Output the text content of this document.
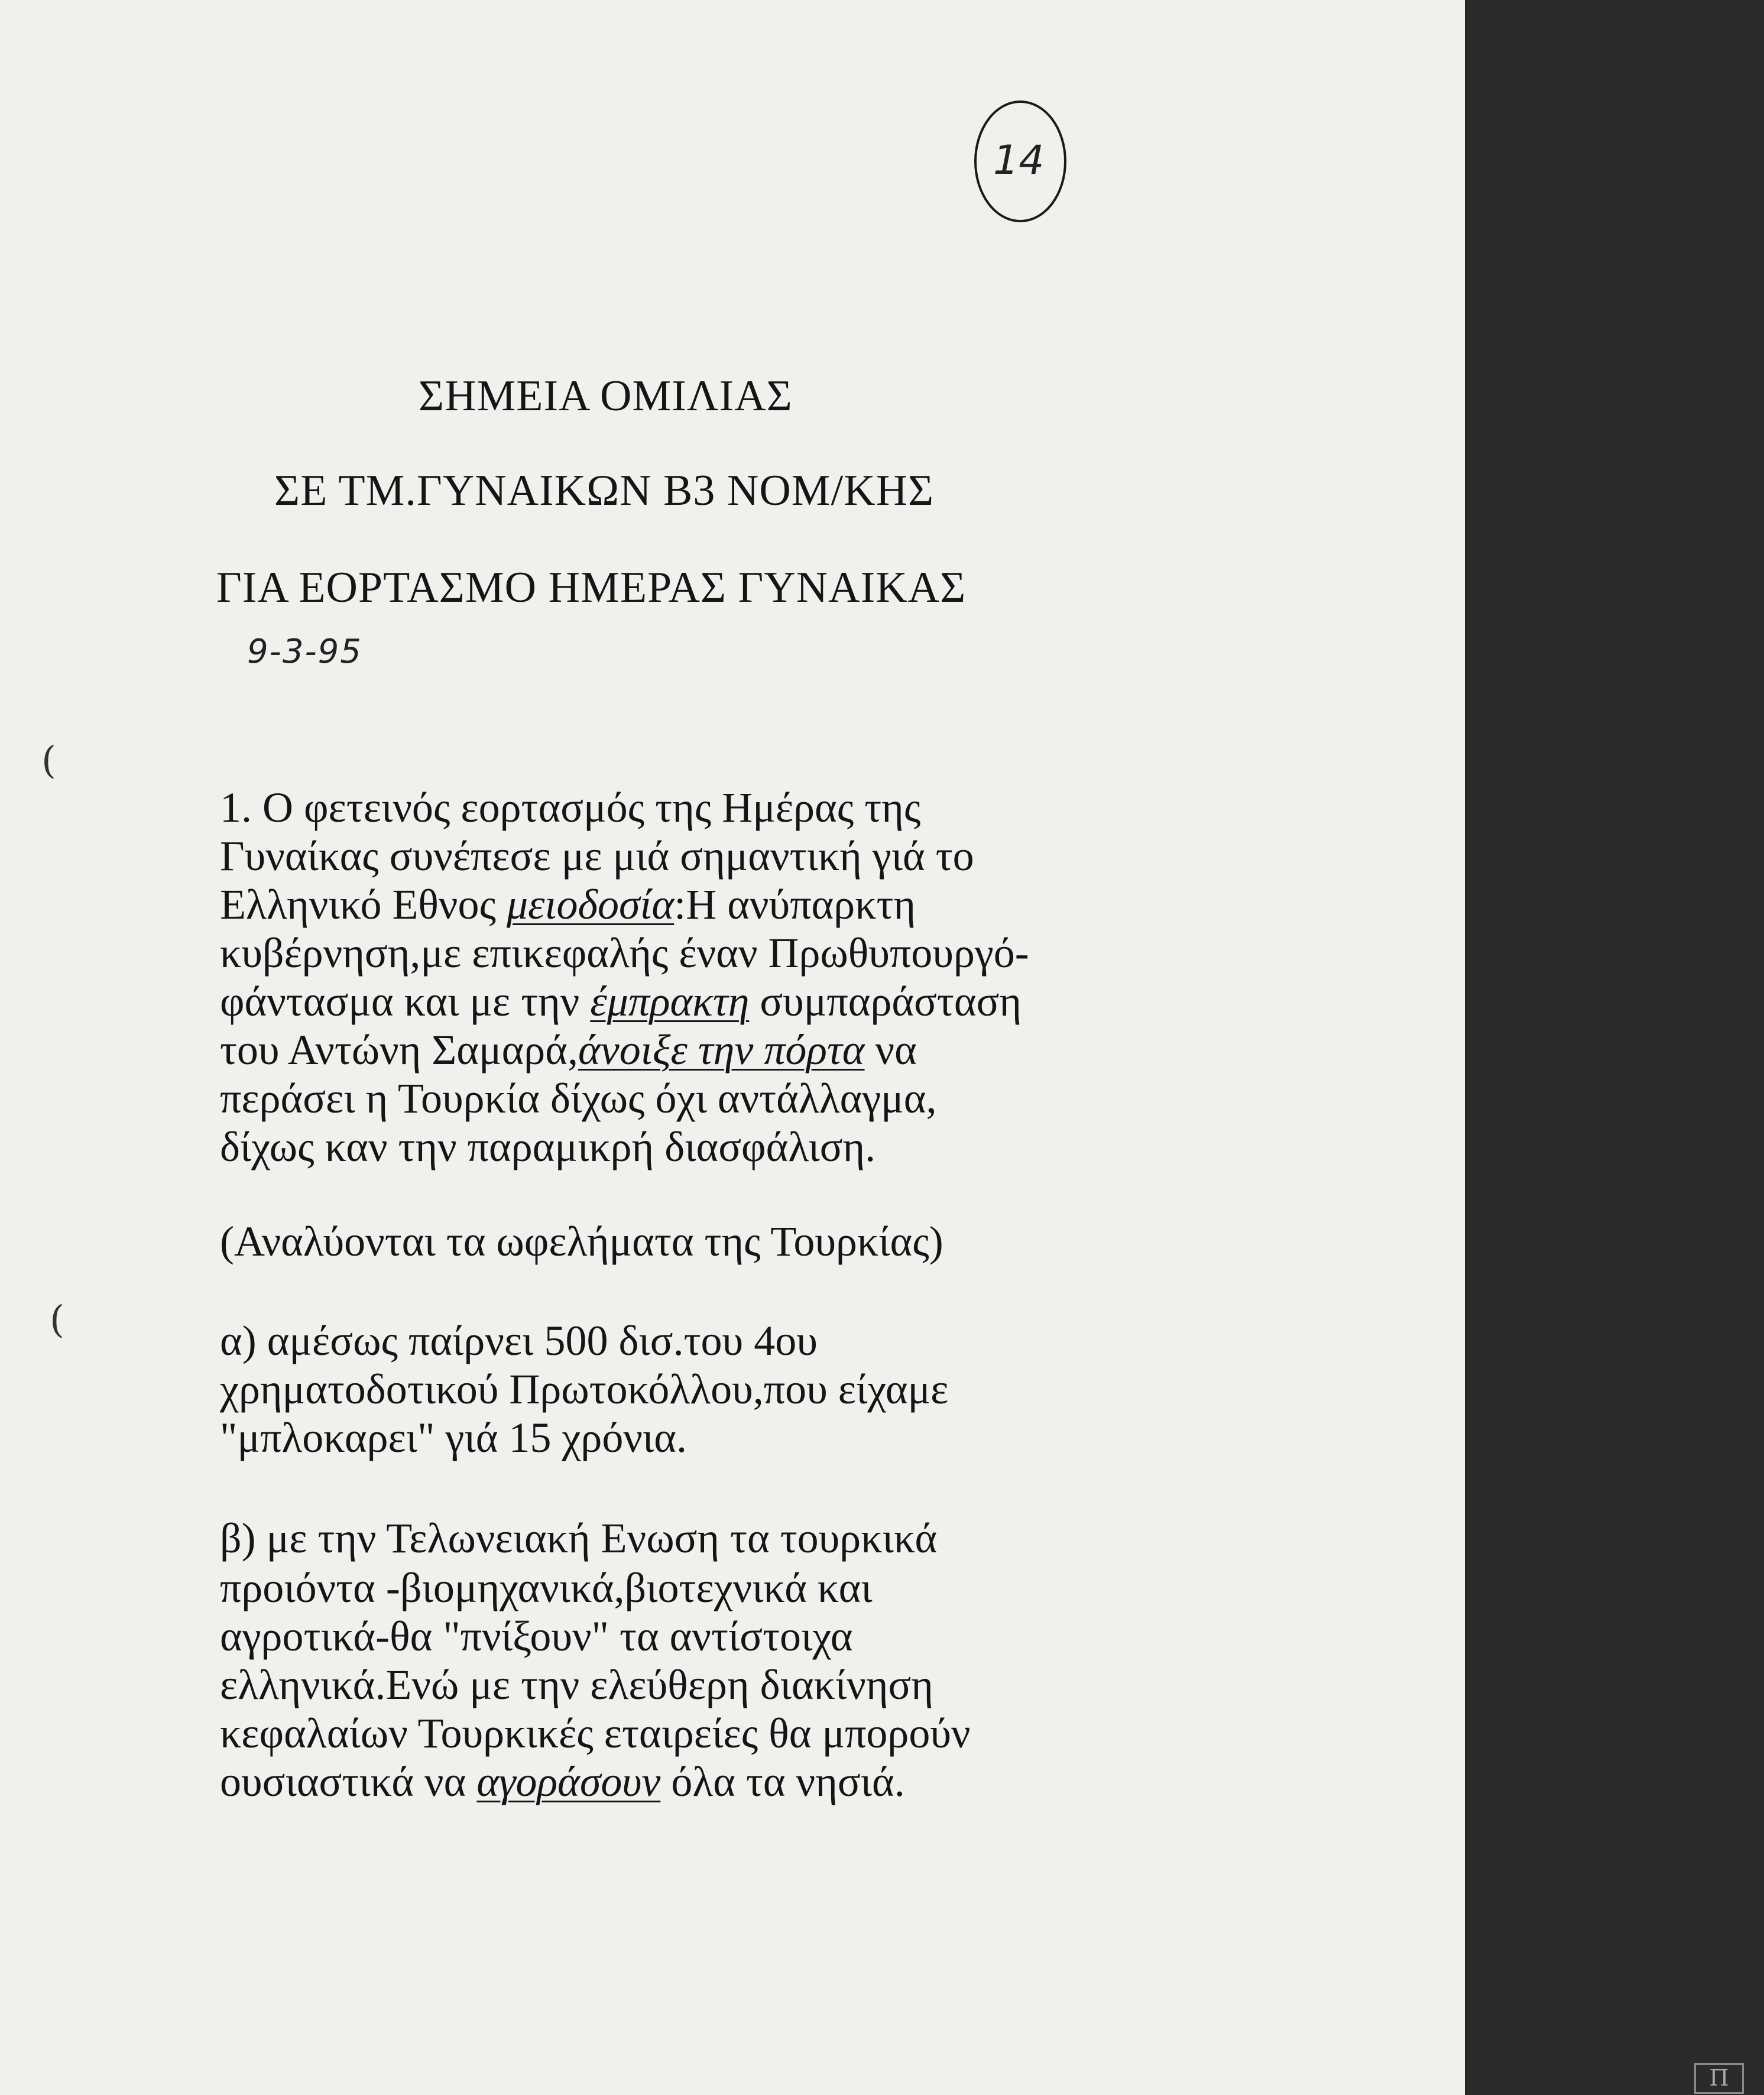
14

ΣΗΜΕΙΑ ΟΜΙΛΙΑΣ

ΣΕ ΤΜ.ΓΥΝΑΙΚΩΝ Β3 ΝΟΜ/ΚΗΣ

ΓΙΑ ΕΟΡΤΑΣΜΟ ΗΜΕΡΑΣ ΓΥΝΑΙΚΑΣ

9-3-95
(
(

1. Ο φετεινός εορτασμός της Ημέρας της

Γυναίκας συνέπεσε με μιά σημαντική γιά το

Ελληνικό Εθνος μειοδοσία:Η ανύπαρκτη

κυβέρνηση,με επικεφαλής έναν Πρωθυπουργό-

φάντασμα και με την έμπρακτη συμπαράσταση

του Αντώνη Σαμαρά,άνοιξε την πόρτα να

περάσει η Τουρκία δίχως όχι αντάλλαγμα,

δίχως καν την παραμικρή διασφάλιση.

(Αναλύονται τα ωφελήματα της Τουρκίας)

α) αμέσως παίρνει 500 δισ.του 4ου

χρηματοδοτικού Πρωτοκόλλου,που είχαμε

"μπλοκαρει" γιά 15 χρόνια.

β) με την Τελωνειακή Ενωση τα τουρκικά

προιόντα -βιομηχανικά,βιοτεχνικά και

αγροτικά-θα "πνίξουν" τα αντίστοιχα

ελληνικά.Ενώ με την ελεύθερη διακίνηση

κεφαλαίων Τουρκικές εταιρείες θα μπορούν

ουσιαστικά να αγοράσουν όλα τα νησιά.

Π
